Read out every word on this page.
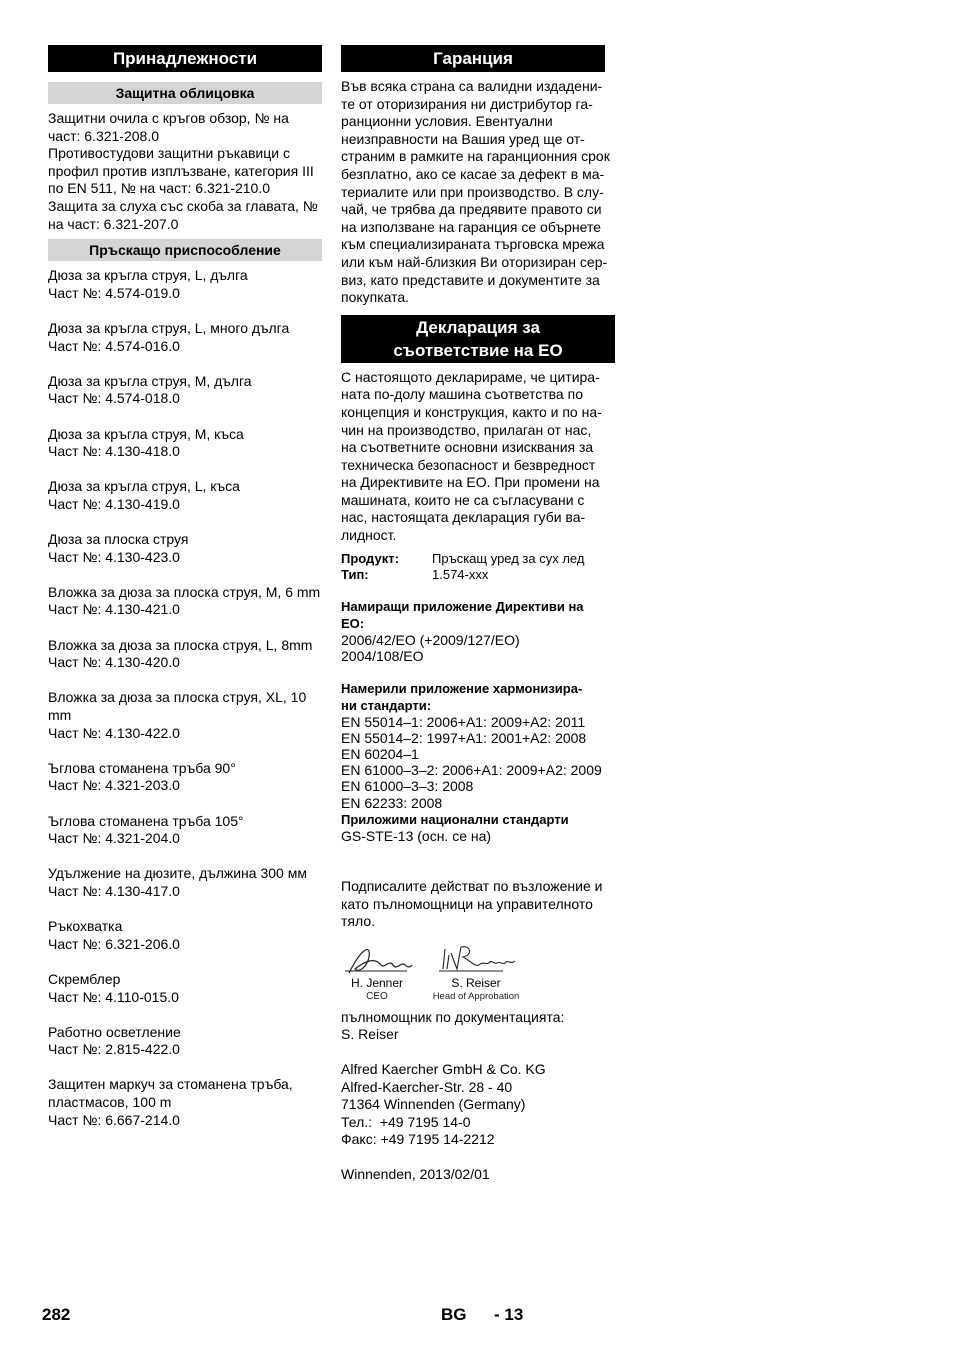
Принадлежности
Защитна облицовка

Защитни очила с кръгов обзор, № на

част: 6.321-208.0

Противостудови защитни ръкавици с

профил против изплъзване, категория III

по EN 511, № на част: 6.321-210.0

Защита за слуха със скоба за главата, №

на част: 6.321-207.0

Пръскащо приспособление
Дюза за кръгла струя, L, дълга
Част №: 4.574-019.0
Дюза за кръгла струя, L, много дълга
Част №: 4.574-016.0
Дюза за кръгла струя, M, дълга
Част №: 4.574-018.0
Дюза за кръгла струя, M, къса
Част №: 4.130-418.0
Дюза за кръгла струя, L, къса
Част №: 4.130-419.0
Дюза за плоска струя
Част №: 4.130-423.0
Вложка за дюза за плоска струя, M, 6 mm
Част №: 4.130-421.0
Вложка за дюза за плоска струя, L, 8mm
Част №: 4.130-420.0
Вложка за дюза за плоска струя, XL, 10 mm
Част №: 4.130-422.0
Ъглова стоманена тръба 90°
Част №: 4.321-203.0
Ъглова стоманена тръба 105°
Част №: 4.321-204.0
Удължение на дюзите, дължина 300 мм
Част №: 4.130-417.0
Ръкохватка
Част №: 6.321-206.0
Скремблер
Част №: 4.110-015.0
Работно осветление
Част №: 2.815-422.0
Защитен маркуч за стоманена тръба, пластмасов, 100 m
Част №: 6.667-214.0
Гаранция

Във всяка страна са валидни издадени-

те от оторизирания ни дистрибутор га-

ранционни условия. Евентуални

неизправности на Вашия уред ще от-

страним в рамките на гаранционния срок

безплатно, ако се касае за дефект в ма-

териалите или при производство. В слу-

чай, че трябва да предявите правото си

на използване на гаранция се обърнете

към специализираната търговска мрежа

или към най-близкия Ви оторизиран сер-

виз, като представите и документите за

покупката.

Декларация за
съответствие на ЕО

С настоящото декларираме, че цитира-

ната по-долу машина съответства по

концепция и конструкция, както и по на-

чин на производство, прилаган от нас,

на съответните основни изисквания за

техническа безопасност и безвредност

на Директивите на ЕО. При промени на

машината, които не са съгласувани с

нас, настоящата декларация губи ва-

лидност.

Продукт:	Пръскащ уред за сух лед
Тип:	1.574-xxx
Намиращи приложение Директиви на
ЕО:

2006/42/ЕО (+2009/127/EO)

2004/108/EO

Намерили приложение хармонизира-
ни стандарти:

EN 55014–1: 2006+A1: 2009+A2: 2011

EN 55014–2: 1997+A1: 2001+A2: 2008

EN 60204–1

EN 61000–3–2: 2006+A1: 2009+A2: 2009

EN 61000–3–3: 2008

EN 62233: 2008

Приложими национални стандарти

GS-STE-13 (осн. се на)

Подписалите действат по възложение и

като пълномощници на управителното

тяло.

H. Jenner
CEO
S. Reiser
Head of Approbation

пълномощник по документацията:

S. Reiser

Alfred Kaercher GmbH & Co. KG

Alfred-Kaercher-Str. 28 - 40

71364 Winnenden (Germany)

Тел.:  +49 7195 14-0

Факс: +49 7195 14-2212

Winnenden, 2013/02/01

282	BG - 13
